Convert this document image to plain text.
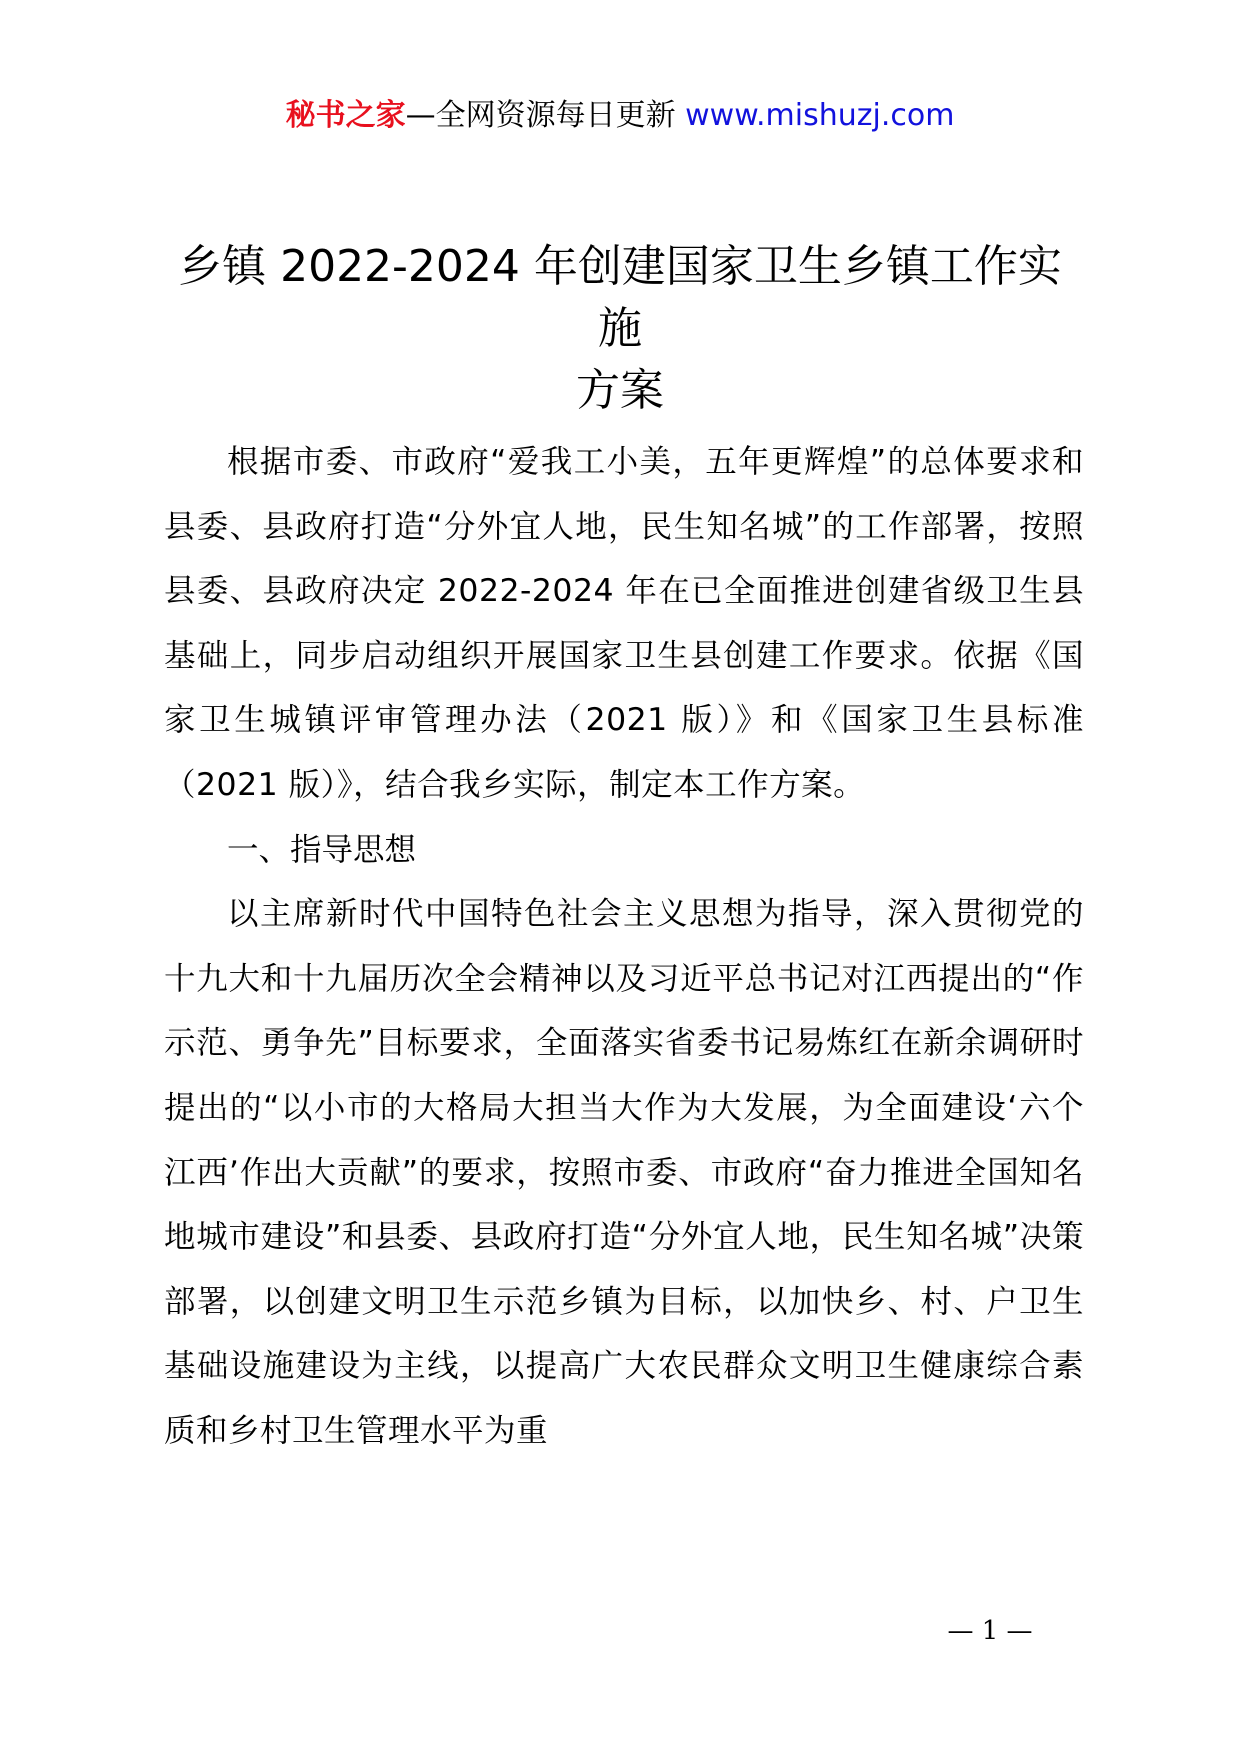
秘书之家—全网资源每日更新 www.mishuzj.com
乡镇 2022-2024 年创建国家卫生乡镇工作实
施
方案

根据市委、市政府“爱我工小美，五年更辉煌”的总体要求和县委、县政府打造“分外宜人地，民生知名城”的工作部署，按照县委、县政府决定 2022-2024 年在已全面推进创建省级卫生县基础上，同步启动组织开展国家卫生县创建工作要求。依据《国家卫生城镇评审管理办法（2021 版）》和《国家卫生县标准（2021 版）》，结合我乡实际，制定本工作方案。

一、指导思想

以主席新时代中国特色社会主义思想为指导，深入贯彻党的十九大和十九届历次全会精神以及习近平总书记对江西提出的“作示范、勇争先”目标要求，全面落实省委书记易炼红在新余调研时提出的“以小市的大格局大担当大作为大发展，为全面建设‘六个江西’作出大贡献”的要求，按照市委、市政府“奋力推进全国知名地城市建设”和县委、县政府打造“分外宜人地，民生知名城”决策部署，以创建文明卫生示范乡镇为目标，以加快乡、村、户卫生基础设施建设为主线，以提高广大农民群众文明卫生健康综合素质和乡村卫生管理水平为重

— 1 —
